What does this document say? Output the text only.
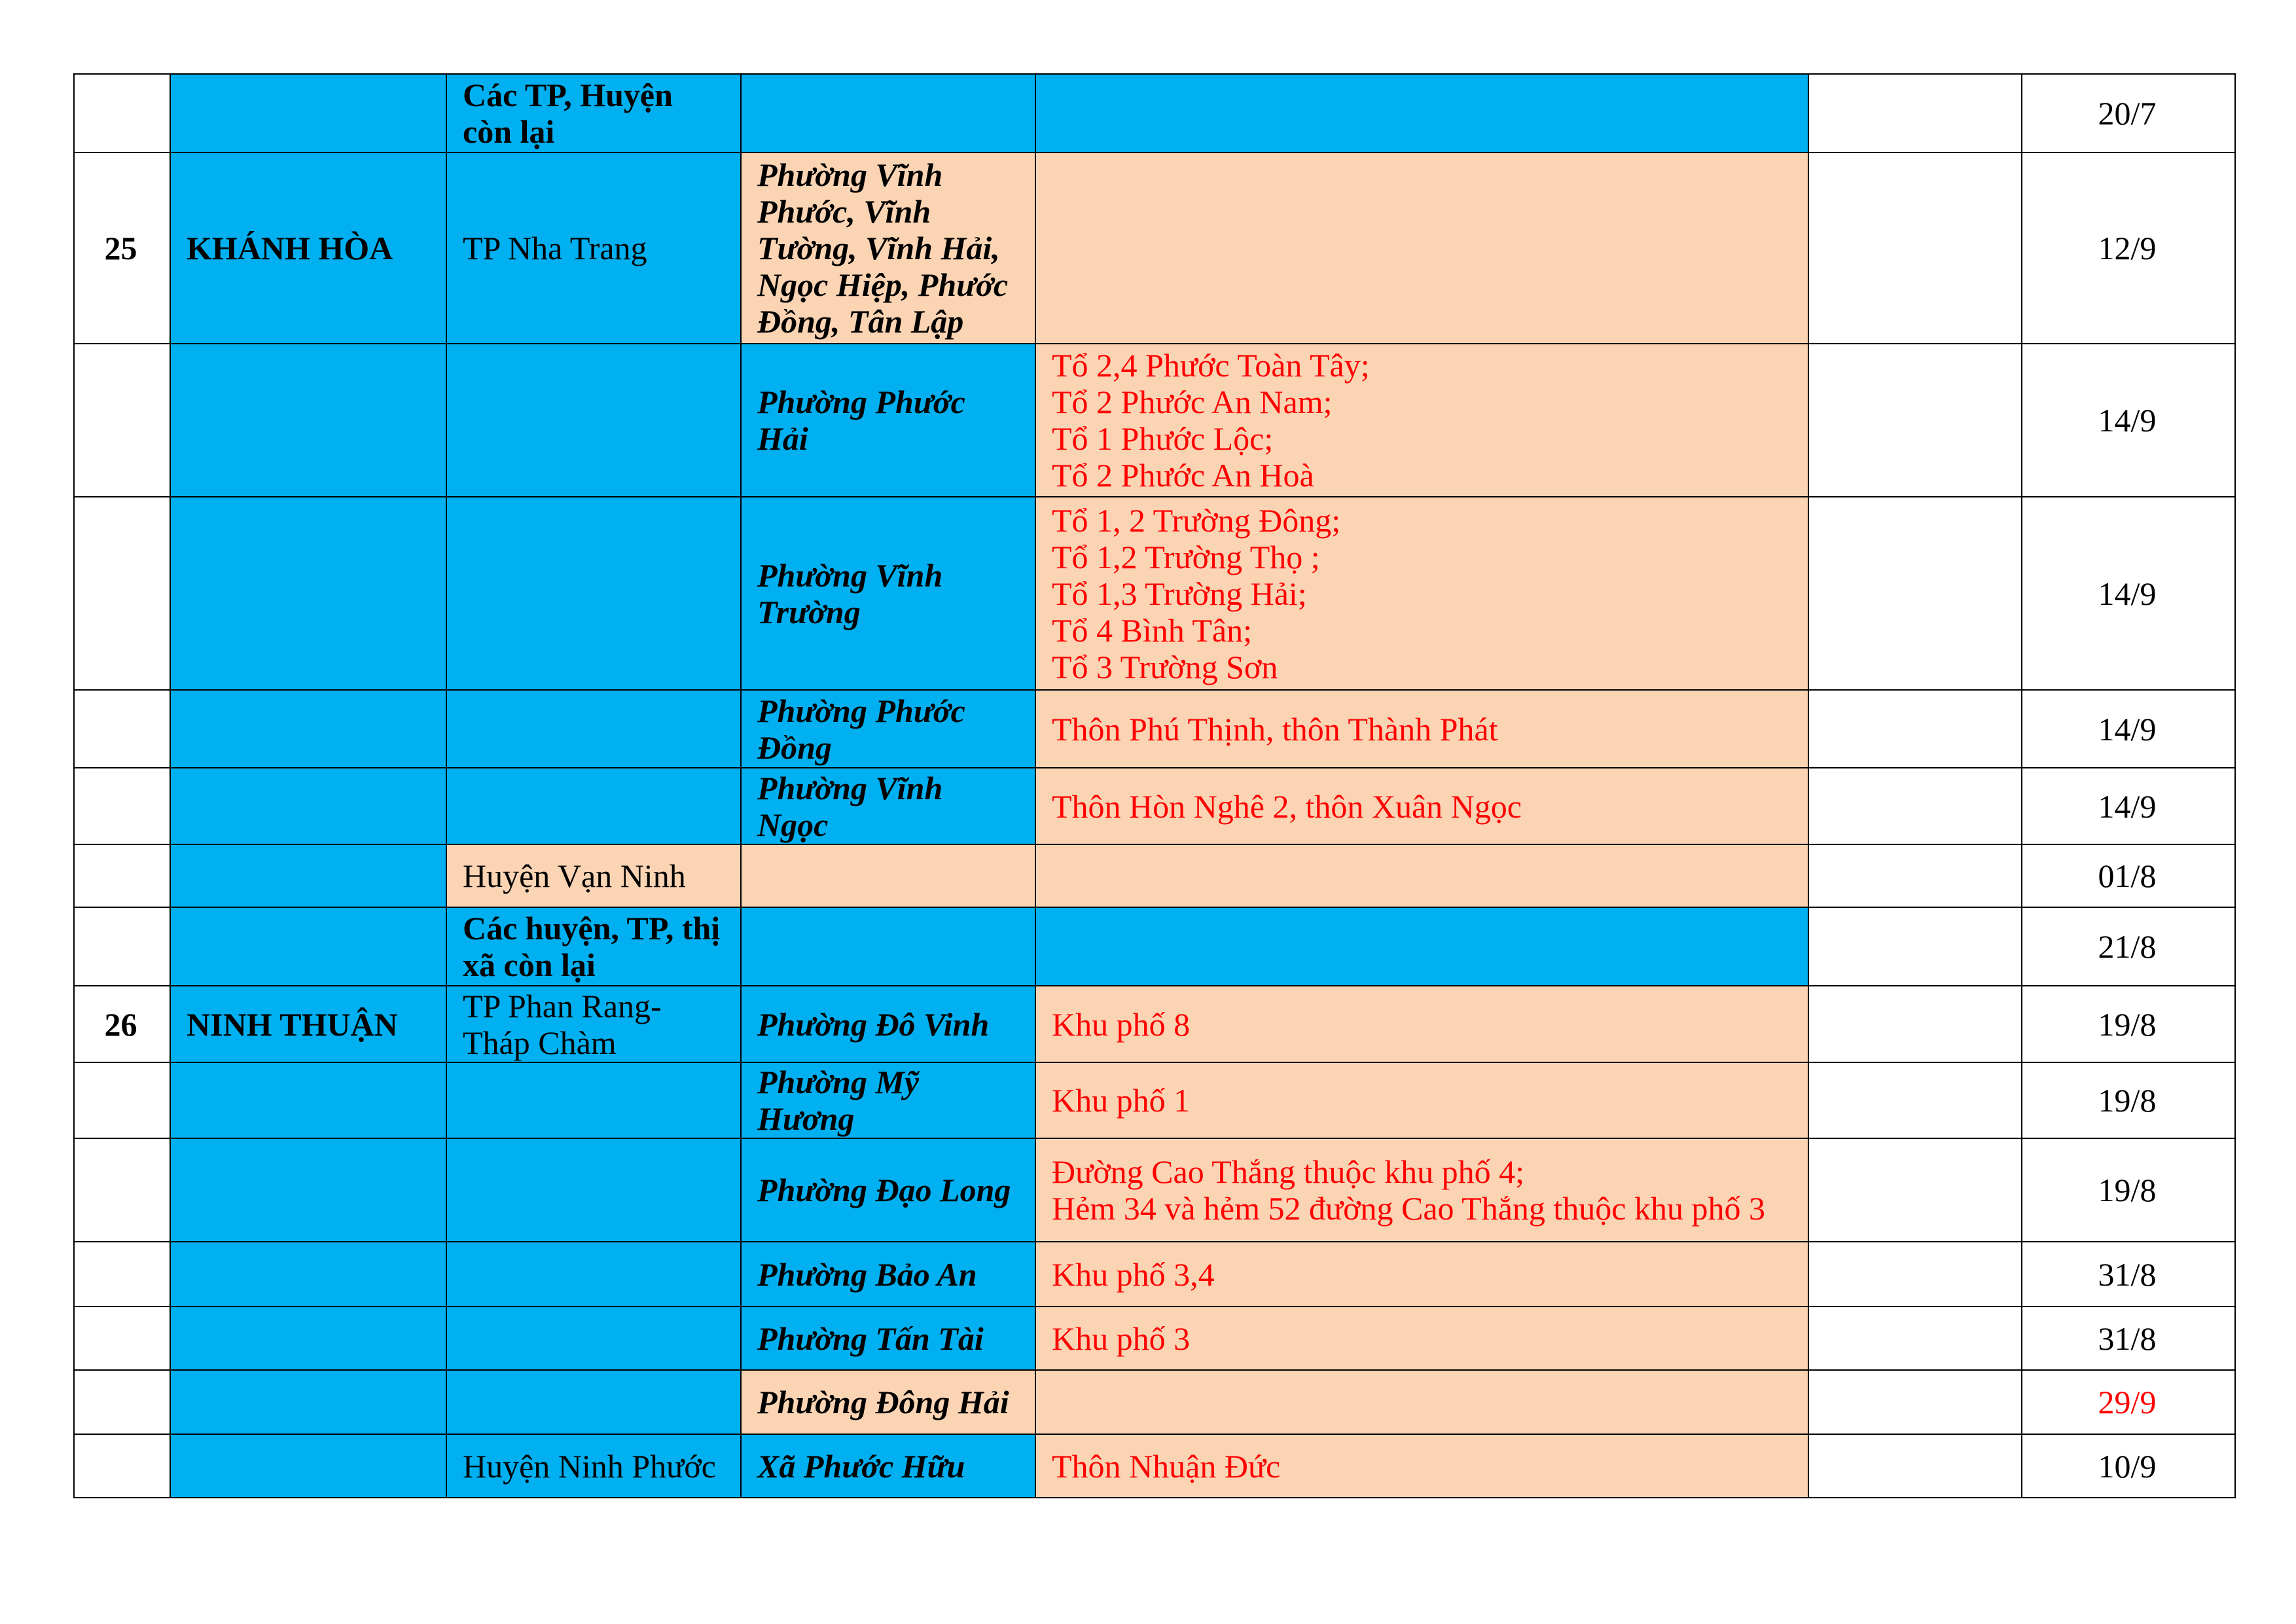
		Các TP, Huyện còn lại				20/7
25	KHÁNH HÒA	TP Nha Trang	Phường Vĩnh Phước, Vĩnh Tường, Vĩnh Hải, Ngọc Hiệp, Phước Đồng, Tân Lập			12/9
			Phường Phước Hải	Tổ 2,4 Phước Toàn Tây;
Tổ 2 Phước An Nam;
Tổ 1 Phước Lộc;
Tổ 2 Phước An Hoà		14/9
			Phường Vĩnh Trường	Tổ 1, 2 Trường Đông;
Tổ 1,2 Trường Thọ ;
Tổ 1,3 Trường Hải;
Tổ 4 Bình Tân;
Tổ 3 Trường Sơn		14/9
			Phường Phước Đồng	Thôn Phú Thịnh, thôn Thành Phát		14/9
			Phường Vĩnh Ngọc	Thôn Hòn Nghê 2, thôn Xuân Ngọc		14/9
		Huyện Vạn Ninh				01/8
		Các huyện, TP, thị xã còn lại				21/8
26	NINH THUẬN	TP Phan Rang-Tháp Chàm	Phường Đô Vinh	Khu phố 8		19/8
			Phường Mỹ Hương	Khu phố 1		19/8
			Phường Đạo Long	Đường Cao Thắng thuộc khu phố 4;
Hẻm 34 và hẻm 52 đường Cao Thắng thuộc khu phố 3		19/8
			Phường Bảo An	Khu phố 3,4		31/8
			Phường Tấn Tài	Khu phố 3		31/8
			Phường Đông Hải			29/9
		Huyện Ninh Phước	Xã Phước Hữu	Thôn Nhuận Đức		10/9
